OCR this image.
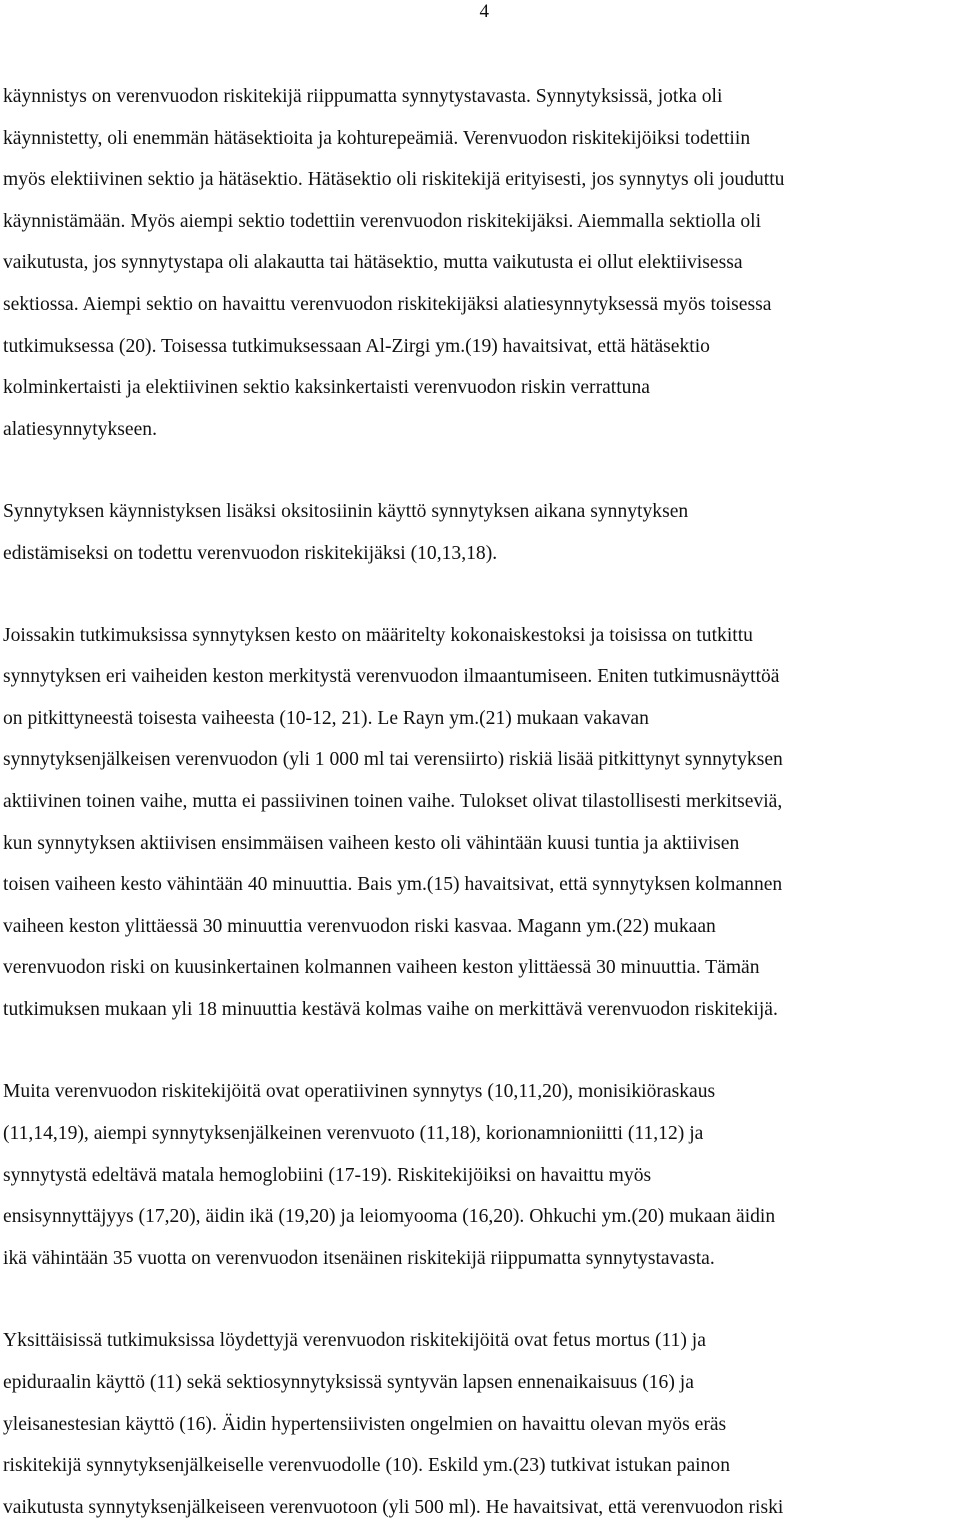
4
käynnistys on verenvuodon riskitekijä riippumatta synnytystavasta. Synnytyksissä, jotka oli
käynnistetty, oli enemmän hätäsektioita ja kohturepeämiä. Verenvuodon riskitekijöiksi todettiin
myös elektiivinen sektio ja hätäsektio. Hätäsektio oli riskitekijä erityisesti, jos synnytys oli jouduttu
käynnistämään. Myös aiempi sektio todettiin verenvuodon riskitekijäksi. Aiemmalla sektiolla oli
vaikutusta, jos synnytystapa oli alakautta tai hätäsektio, mutta vaikutusta ei ollut elektiivisessa
sektiossa. Aiempi sektio on havaittu verenvuodon riskitekijäksi alatiesynnytyksessä myös toisessa
tutkimuksessa (20). Toisessa tutkimuksessaan Al-Zirgi ym.(19) havaitsivat, että hätäsektio
kolminkertaisti ja elektiivinen sektio kaksinkertaisti verenvuodon riskin verrattuna
alatiesynnytykseen.
Synnytyksen käynnistyksen lisäksi oksitosiinin käyttö synnytyksen aikana synnytyksen
edistämiseksi on todettu verenvuodon riskitekijäksi (10,13,18).
Joissakin tutkimuksissa synnytyksen kesto on määritelty kokonaiskestoksi ja toisissa on tutkittu
synnytyksen eri vaiheiden keston merkitystä verenvuodon ilmaantumiseen. Eniten tutkimusnäyttöä
on pitkittyneestä toisesta vaiheesta (10-12, 21). Le Rayn ym.(21) mukaan vakavan
synnytyksenjälkeisen verenvuodon (yli 1 000 ml tai verensiirto) riskiä lisää pitkittynyt synnytyksen
aktiivinen toinen vaihe, mutta ei passiivinen toinen vaihe. Tulokset olivat tilastollisesti merkitseviä,
kun synnytyksen aktiivisen ensimmäisen vaiheen kesto oli vähintään kuusi tuntia ja aktiivisen
toisen vaiheen kesto vähintään 40 minuuttia. Bais ym.(15) havaitsivat, että synnytyksen kolmannen
vaiheen keston ylittäessä 30 minuuttia verenvuodon riski kasvaa. Magann ym.(22) mukaan
verenvuodon riski on kuusinkertainen kolmannen vaiheen keston ylittäessä 30 minuuttia. Tämän
tutkimuksen mukaan yli 18 minuuttia kestävä kolmas vaihe on merkittävä verenvuodon riskitekijä.
Muita verenvuodon riskitekijöitä ovat operatiivinen synnytys (10,11,20), monisikiöraskaus
(11,14,19), aiempi synnytyksenjälkeinen verenvuoto (11,18), korionamnioniitti (11,12) ja
synnytystä edeltävä matala hemoglobiini (17-19). Riskitekijöiksi on havaittu myös
ensisynnyttäjyys (17,20), äidin ikä (19,20) ja leiomyooma (16,20). Ohkuchi ym.(20) mukaan äidin
ikä vähintään 35 vuotta on verenvuodon itsenäinen riskitekijä riippumatta synnytystavasta.
Yksittäisissä tutkimuksissa löydettyjä verenvuodon riskitekijöitä ovat fetus mortus (11) ja
epiduraalin käyttö (11) sekä sektiosynnytyksissä syntyvän lapsen ennenaikaisuus (16) ja
yleisanestesian käyttö (16). Äidin hypertensiivisten ongelmien on havaittu olevan myös eräs
riskitekijä synnytyksenjälkeiselle verenvuodolle (10). Eskild ym.(23) tutkivat istukan painon
vaikutusta synnytyksenjälkeiseen verenvuotoon (yli 500 ml). He havaitsivat, että verenvuodon riski
